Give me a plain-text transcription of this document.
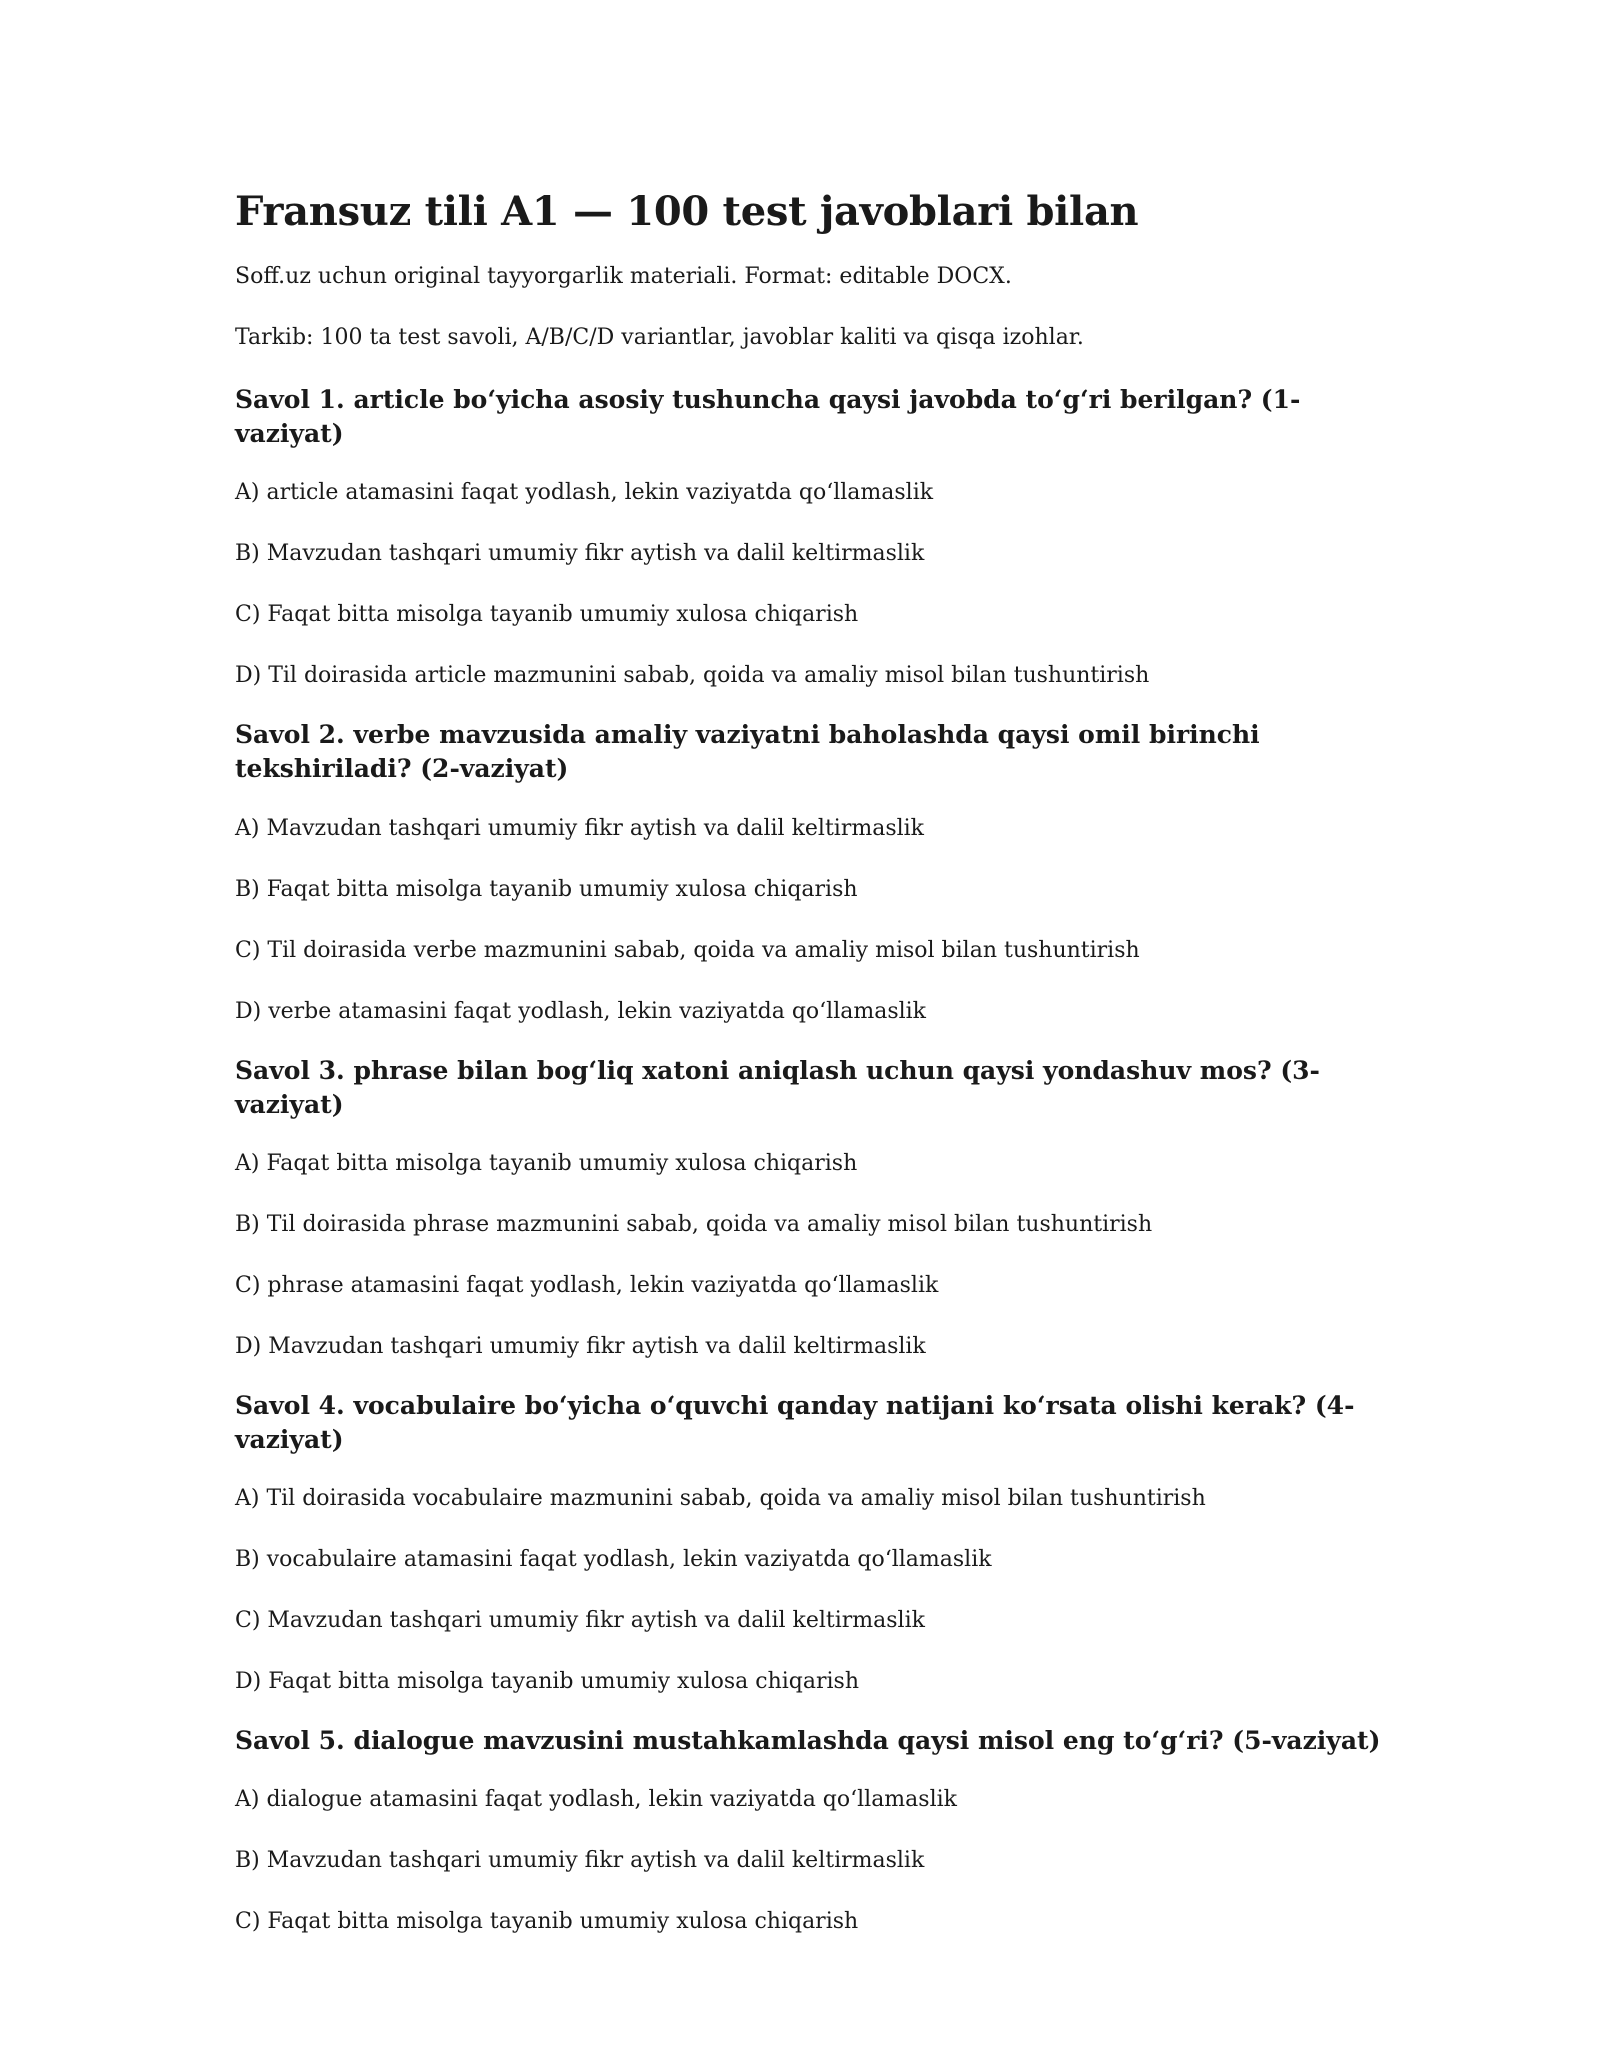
Fransuz tili A1 — 100 test javoblari bilan

Soff.uz uchun original tayyorgarlik materiali. Format: editable DOCX.

Tarkib: 100 ta test savoli, A/B/C/D variantlar, javoblar kaliti va qisqa izohlar.

Savol 1. article bo‘yicha asosiy tushuncha qaysi javobda to‘g‘ri berilgan? (1-vaziyat)

A) article atamasini faqat yodlash, lekin vaziyatda qo‘llamaslik

B) Mavzudan tashqari umumiy fikr aytish va dalil keltirmaslik

C) Faqat bitta misolga tayanib umumiy xulosa chiqarish

D) Til doirasida article mazmunini sabab, qoida va amaliy misol bilan tushuntirish

Savol 2. verbe mavzusida amaliy vaziyatni baholashda qaysi omil birinchi tekshiriladi? (2-vaziyat)

A) Mavzudan tashqari umumiy fikr aytish va dalil keltirmaslik

B) Faqat bitta misolga tayanib umumiy xulosa chiqarish

C) Til doirasida verbe mazmunini sabab, qoida va amaliy misol bilan tushuntirish

D) verbe atamasini faqat yodlash, lekin vaziyatda qo‘llamaslik

Savol 3. phrase bilan bog‘liq xatoni aniqlash uchun qaysi yondashuv mos? (3-vaziyat)

A) Faqat bitta misolga tayanib umumiy xulosa chiqarish

B) Til doirasida phrase mazmunini sabab, qoida va amaliy misol bilan tushuntirish

C) phrase atamasini faqat yodlash, lekin vaziyatda qo‘llamaslik

D) Mavzudan tashqari umumiy fikr aytish va dalil keltirmaslik

Savol 4. vocabulaire bo‘yicha o‘quvchi qanday natijani ko‘rsata olishi kerak? (4-vaziyat)

A) Til doirasida vocabulaire mazmunini sabab, qoida va amaliy misol bilan tushuntirish

B) vocabulaire atamasini faqat yodlash, lekin vaziyatda qo‘llamaslik

C) Mavzudan tashqari umumiy fikr aytish va dalil keltirmaslik

D) Faqat bitta misolga tayanib umumiy xulosa chiqarish

Savol 5. dialogue mavzusini mustahkamlashda qaysi misol eng to‘g‘ri? (5-vaziyat)

A) dialogue atamasini faqat yodlash, lekin vaziyatda qo‘llamaslik

B) Mavzudan tashqari umumiy fikr aytish va dalil keltirmaslik

C) Faqat bitta misolga tayanib umumiy xulosa chiqarish
